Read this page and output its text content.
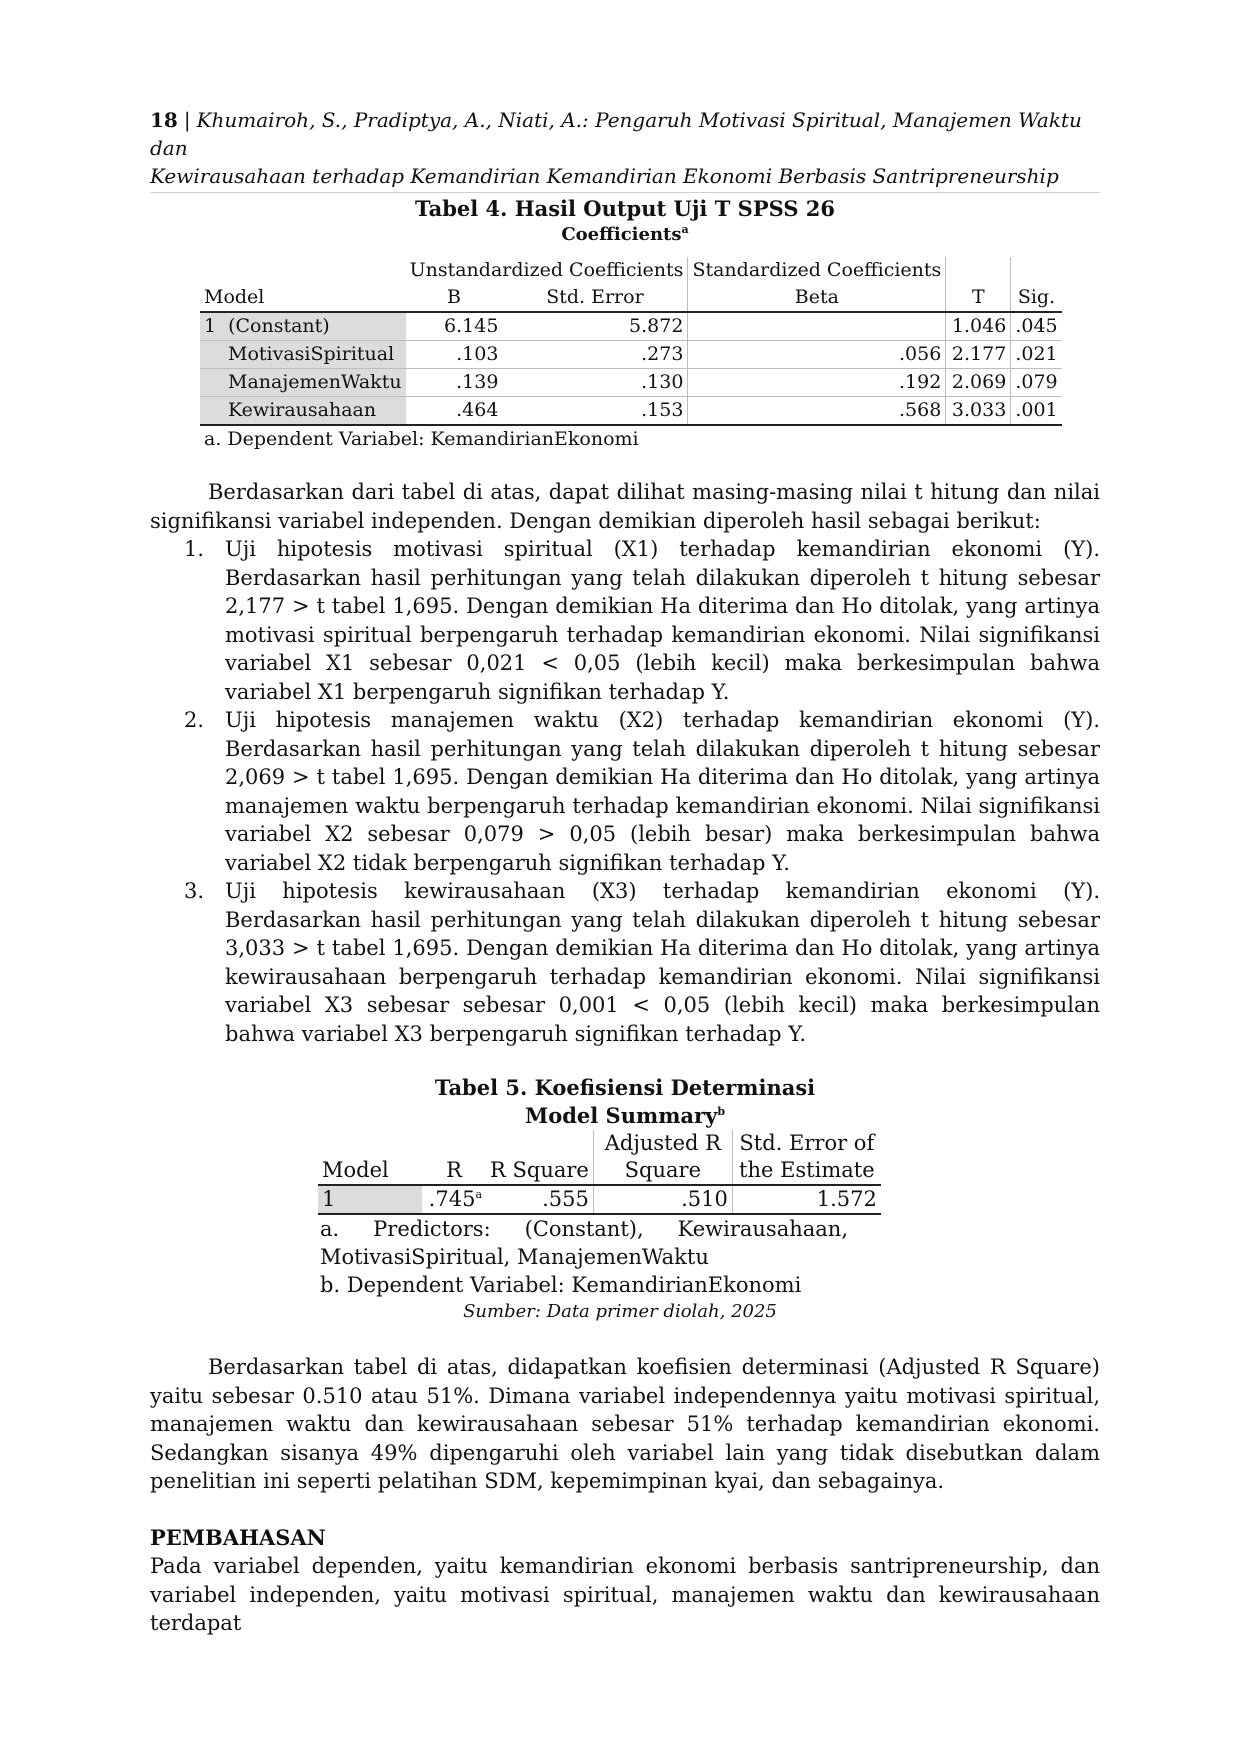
18 | Khumairoh, S., Pradiptya, A., Niati, A.: Pengaruh Motivasi Spiritual, Manajemen Waktu dan
Kewirausahaan terhadap Kemandirian Kemandirian Ekonomi Berbasis Santripreneurship
Tabel 4. Hasil Output Uji T SPSS 26
Coefficients$^a$
	Unstandardized Coefficients		Standardized Coefficients		
Model	B	Std. Error	Beta	T	Sig.
1 (Constant)	6.145	5.872		1.046	.045
MotivasiSpiritual	.103	.273	.056	2.177	.021
ManajemenWaktu	.139	.130	.192	2.069	.079
Kewirausahaan	.464	.153	.568	3.033	.001
a. Dependent Variabel: KemandirianEkonomi

Berdasarkan dari tabel di atas, dapat dilihat masing-masing nilai t hitung dan nilai signifikansi variabel independen. Dengan demikian diperoleh hasil sebagai berikut:

1. Uji hipotesis motivasi spiritual (X1) terhadap kemandirian ekonomi (Y). Berdasarkan hasil perhitungan yang telah dilakukan diperoleh t hitung sebesar 2,177 > t tabel 1,695. Dengan demikian Ha diterima dan Ho ditolak, yang artinya motivasi spiritual berpengaruh terhadap kemandirian ekonomi. Nilai signifikansi variabel X1 sebesar 0,021 < 0,05 (lebih kecil) maka berkesimpulan bahwa variabel X1 berpengaruh signifikan terhadap Y.
2. Uji hipotesis manajemen waktu (X2) terhadap kemandirian ekonomi (Y). Berdasarkan hasil perhitungan yang telah dilakukan diperoleh t hitung sebesar 2,069 > t tabel 1,695. Dengan demikian Ha diterima dan Ho ditolak, yang artinya manajemen waktu berpengaruh terhadap kemandirian ekonomi. Nilai signifikansi variabel X2 sebesar 0,079 > 0,05 (lebih besar) maka berkesimpulan bahwa variabel X2 tidak berpengaruh signifikan terhadap Y.
3. Uji hipotesis kewirausahaan (X3) terhadap kemandirian ekonomi (Y). Berdasarkan hasil perhitungan yang telah dilakukan diperoleh t hitung sebesar 3,033 > t tabel 1,695. Dengan demikian Ha diterima dan Ho ditolak, yang artinya kewirausahaan berpengaruh terhadap kemandirian ekonomi. Nilai signifikansi variabel X3 sebesar sebesar 0,001 < 0,05 (lebih kecil) maka berkesimpulan bahwa variabel X3 berpengaruh signifikan terhadap Y.
Tabel 5. Koefisiensi Determinasi
Model Summary$^b$
			Adjusted R	Std. Error of
Model	R	R Square	Square	the Estimate
1	.745$^a$	.555	.510	1.572
a. Predictors: (Constant), Kewirausahaan,
MotivasiSpiritual, ManajemenWaktu
b. Dependent Variabel: KemandirianEkonomi
Sumber: Data primer diolah, 2025

Berdasarkan tabel di atas, didapatkan koefisien determinasi (Adjusted R Square) yaitu sebesar 0.510 atau 51%. Dimana variabel independennya yaitu motivasi spiritual, manajemen waktu dan kewirausahaan sebesar 51% terhadap kemandirian ekonomi. Sedangkan sisanya 49% dipengaruhi oleh variabel lain yang tidak disebutkan dalam penelitian ini seperti pelatihan SDM, kepemimpinan kyai, dan sebagainya.

PEMBAHASAN

Pada variabel dependen, yaitu kemandirian ekonomi berbasis santripreneurship, dan variabel independen, yaitu motivasi spiritual, manajemen waktu dan kewirausahaan terdapat
